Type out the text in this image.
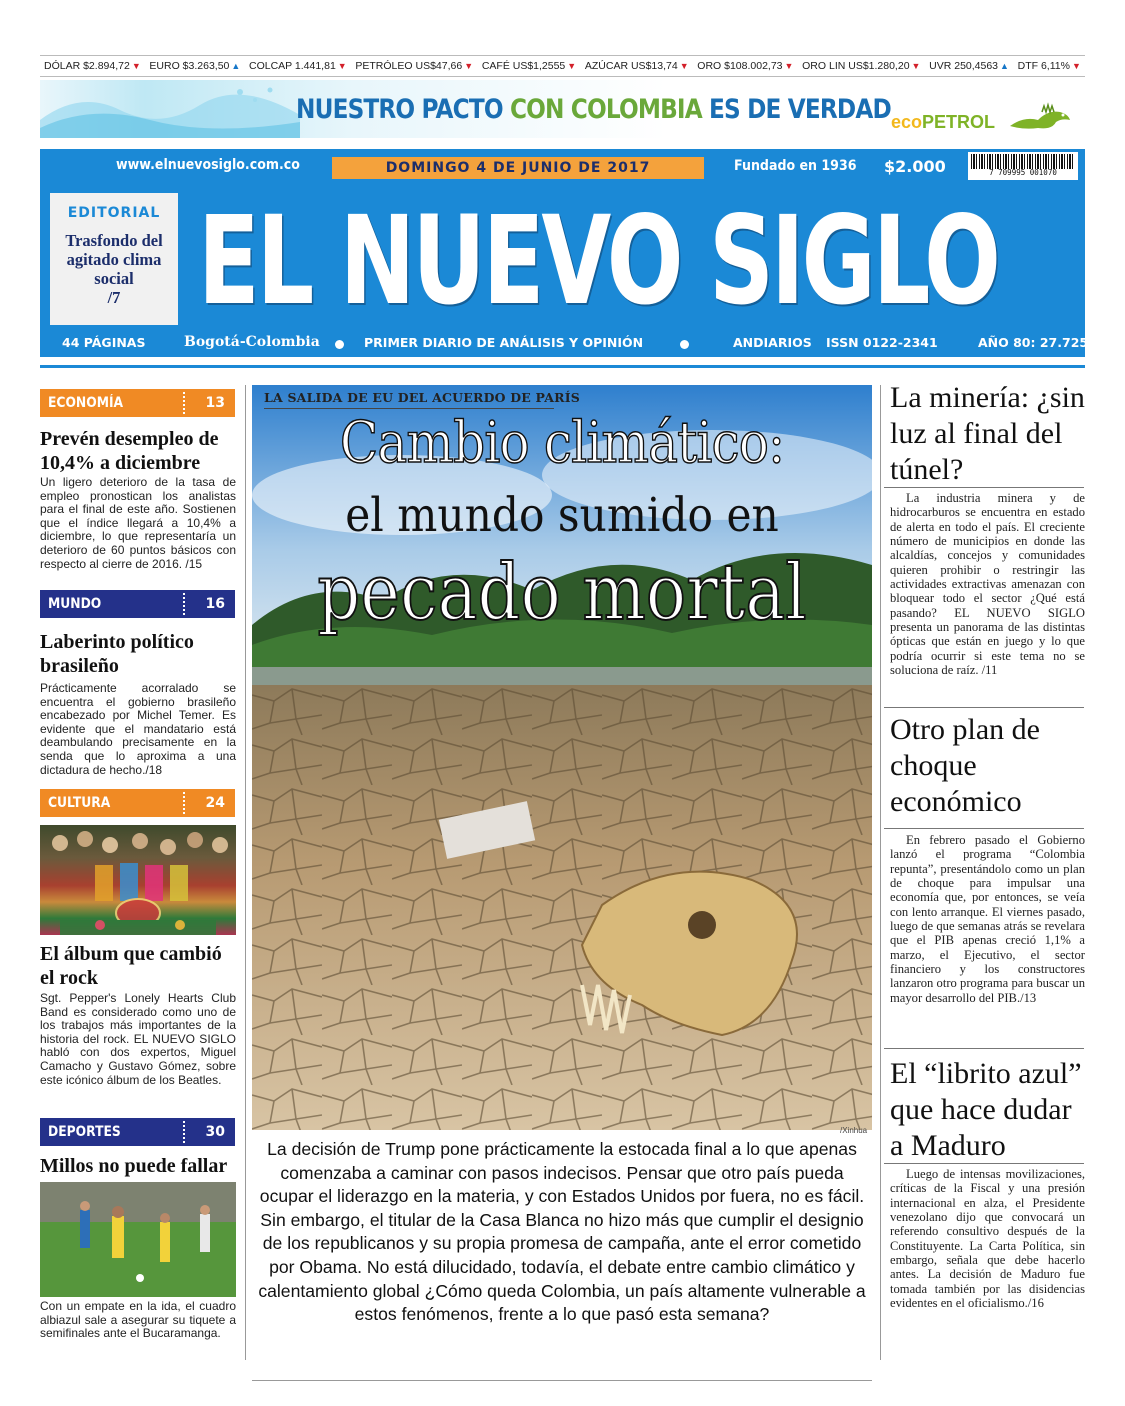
DÓLAR $2.894,72 ▼ EURO $3.263,50 ▲ COLCAP 1.441,81 ▼ PETRÓLEO US$47,66 ▼ CAFÉ US$1,2555 ▼ AZÚCAR US$13,74 ▼ ORO $108.002,73 ▼ ORO LIN US$1.280,20 ▼ UVR 250,4563 ▲ DTF 6,11% ▼
NUESTRO PACTO CON COLOMBIA ES DE VERDAD ecoPETROL
www.elnuevosiglo.com.co	DOMINGO 4 DE JUNIO DE 2017	Fundado en 1936 $2.000	7 709995 001070
EDITORIAL
Trasfondo del agitado clima social
/7 EL NUEVO SIGLO
44 PÁGINAS	Bogotá-Colombia	PRIMER DIARIO DE ANÁLISIS Y OPINIÓN	ANDIARIOS ISSN 0122-2341	AÑO 80: 27.725
ECONOMÍA	13
Prevén desempleo de 10,4% a diciembre
Un ligero deterioro de la tasa de empleo pronostican los analistas para el final de este año. Sostienen que el índice llegará a 10,4% a diciembre, lo que representaría un deterioro de 60 puntos básicos con respecto al cierre de 2016. /15
MUNDO	16
Laberinto político brasileño
Prácticamente acorralado se encuentra el gobierno brasileño encabezado por Michel Temer. Es evidente que el mandatario está deambulando precisamente en la senda que lo aproxima a una dictadura de hecho./18
CULTURA	24
El álbum que cambió el rock
Sgt. Pepper's Lonely Hearts Club Band es considerado como uno de los trabajos más importantes de la historia del rock. EL NUEVO SIGLO habló con dos expertos, Miguel Camacho y Gustavo Gómez, sobre este icónico álbum de los Beatles.
DEPORTES	30
Millos no puede fallar
Con un empate en la ida, el cuadro albiazul sale a asegurar su tiquete a semifinales ante el Bucaramanga.
LA SALIDA DE EU DEL ACUERDO DE PARÍS
Cambio climático:
el mundo sumido en
pecado mortal
/Xinhua
La decisión de Trump pone prácticamente la estocada final a lo que apenas comenzaba a caminar con pasos indecisos. Pensar que otro país pueda ocupar el liderazgo en la materia, y con Estados Unidos por fuera, no es fácil. Sin embargo, el titular de la Casa Blanca no hizo más que cumplir el designio de los republicanos y su propia promesa de campaña, ante el error cometido por Obama. No está dilucidado, todavía, el debate entre cambio climático y calentamiento global ¿Cómo queda Colombia, un país altamente vulnerable a estos fenómenos, frente a lo que pasó esta semana?
La minería: ¿sin luz al final del túnel?
La industria minera y de hidrocarburos se encuentra en estado de alerta en todo el país. El creciente número de municipios en donde las alcaldías, concejos y comunidades quieren prohibir o restringir las actividades extractivas amenazan con bloquear todo el sector ¿Qué está pasando? EL NUEVO SIGLO presenta un panorama de las distintas ópticas que están en juego y lo que podría ocurrir si este tema no se soluciona de raíz. /11
Otro plan de choque económico
En febrero pasado el Gobierno lanzó el programa “Colombia repunta”, presentándolo como un plan de choque para impulsar una economía que, por entonces, se veía con lento arranque. El viernes pasado, luego de que semanas atrás se revelara que el PIB apenas creció 1,1% a marzo, el Ejecutivo, el sector financiero y los constructores lanzaron otro programa para buscar un mayor desarrollo del PIB./13
El “librito azul” que hace dudar a Maduro
Luego de intensas movilizaciones, críticas de la Fiscal y una presión internacional en alza, el Presidente venezolano dijo que convocará un referendo consultivo después de la Constituyente. La Carta Política, sin embargo, señala que debe hacerlo antes. La decisión de Maduro fue tomada también por las disidencias evidentes en el oficialismo./16
